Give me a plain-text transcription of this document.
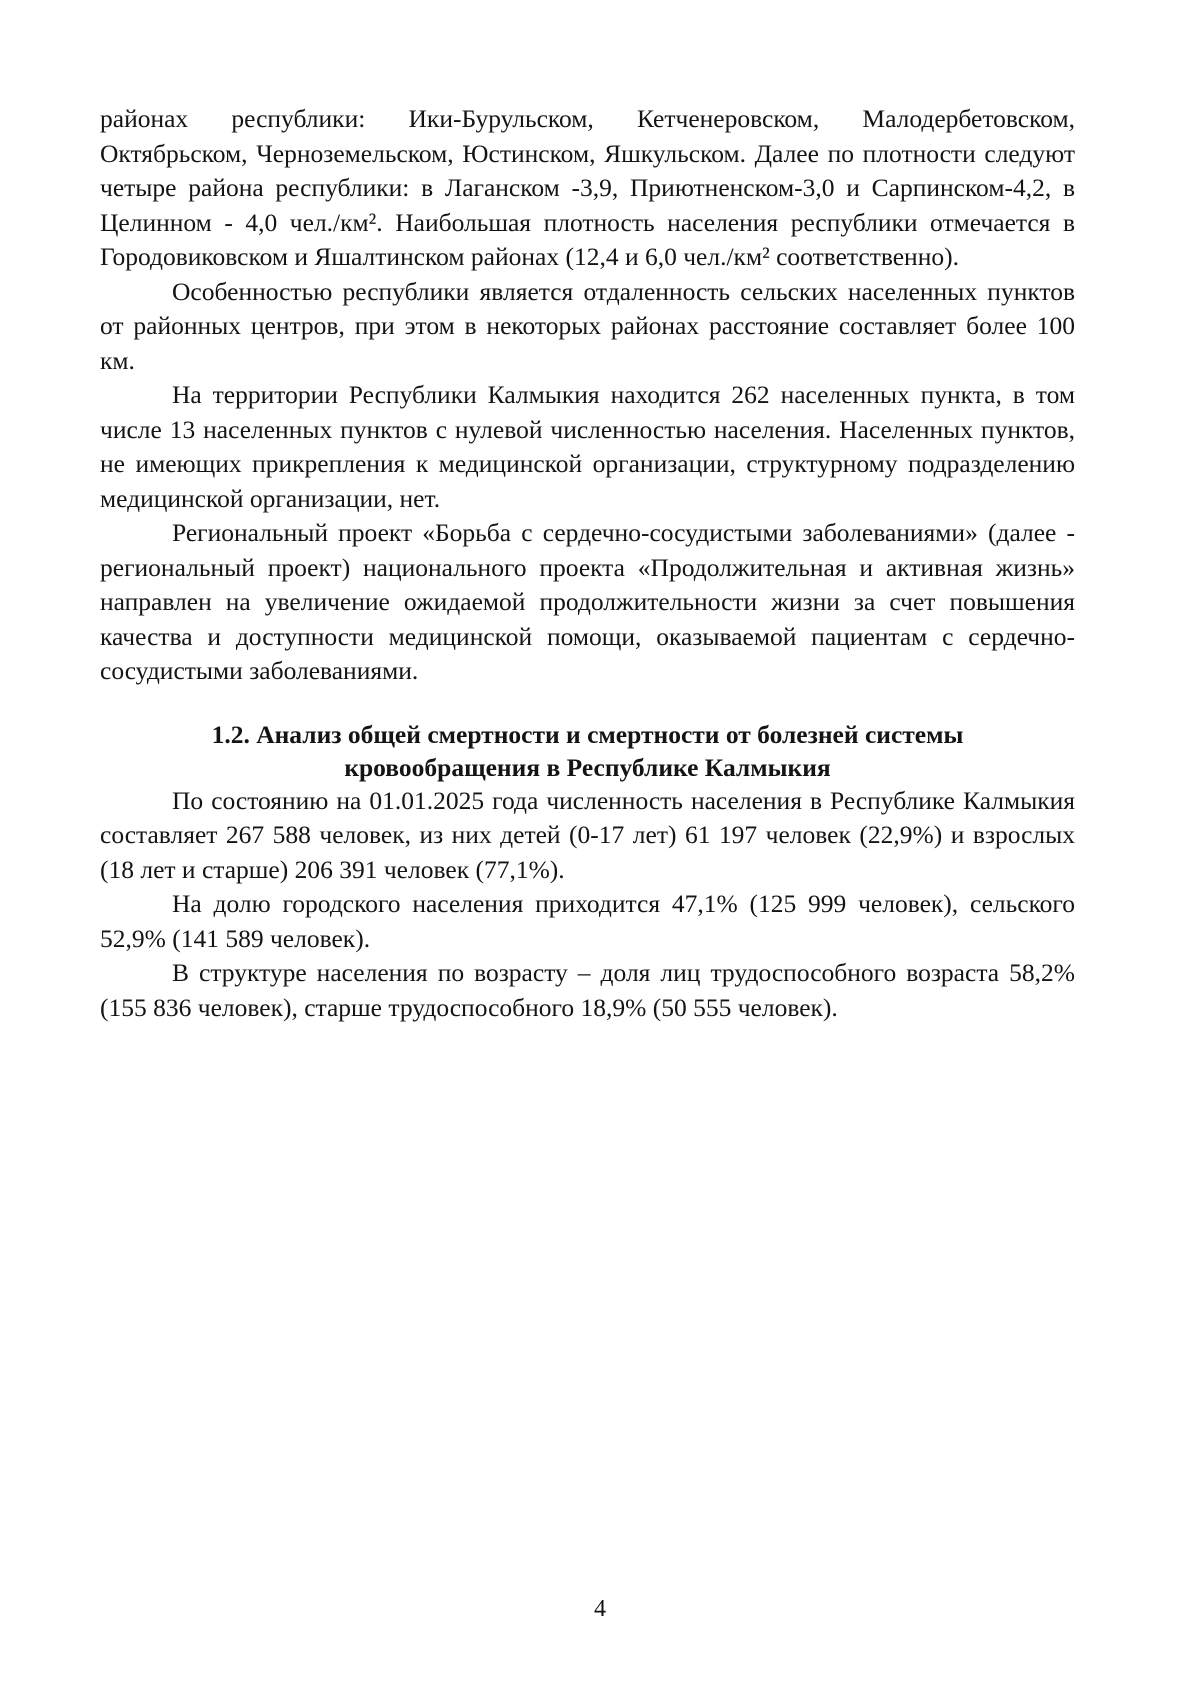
районах республики: Ики-Бурульском, Кетченеровском, Малодербетовском, Октябрьском, Черноземельском, Юстинском, Яшкульском. Далее по плотности следуют четыре района республики: в Лаганском -3,9, Приютненском-3,0 и Сарпинском-4,2, в Целинном - 4,0 чел./км². Наибольшая плотность населения республики отмечается в Городовиковском и Яшалтинском районах (12,4 и 6,0 чел./км² соответственно).

Особенностью республики является отдаленность сельских населенных пунктов от районных центров, при этом в некоторых районах расстояние составляет более 100 км.

На территории Республики Калмыкия находится 262 населенных пункта, в том числе 13 населенных пунктов с нулевой численностью населения. Населенных пунктов, не имеющих прикрепления к медицинской организации, структурному подразделению медицинской организации, нет.

Региональный проект «Борьба с сердечно-сосудистыми заболеваниями» (далее - региональный проект) национального проекта «Продолжительная и активная жизнь» направлен на увеличение ожидаемой продолжительности жизни за счет повышения качества и доступности медицинской помощи, оказываемой пациентам с сердечно-сосудистыми заболеваниями.

1.2. Анализ общей смертности и смертности от болезней системы
кровообращения в Республике Калмыкия

По состоянию на 01.01.2025 года численность населения в Республике Калмыкия составляет 267 588 человек, из них детей (0-17 лет) 61 197 человек (22,9%) и взрослых (18 лет и старше) 206 391 человек (77,1%).

На долю городского населения приходится 47,1% (125 999 человек), сельского 52,9% (141 589 человек).

В структуре населения по возрасту – доля лиц трудоспособного возраста 58,2% (155 836 человек), старше трудоспособного 18,9% (50 555 человек).

4
